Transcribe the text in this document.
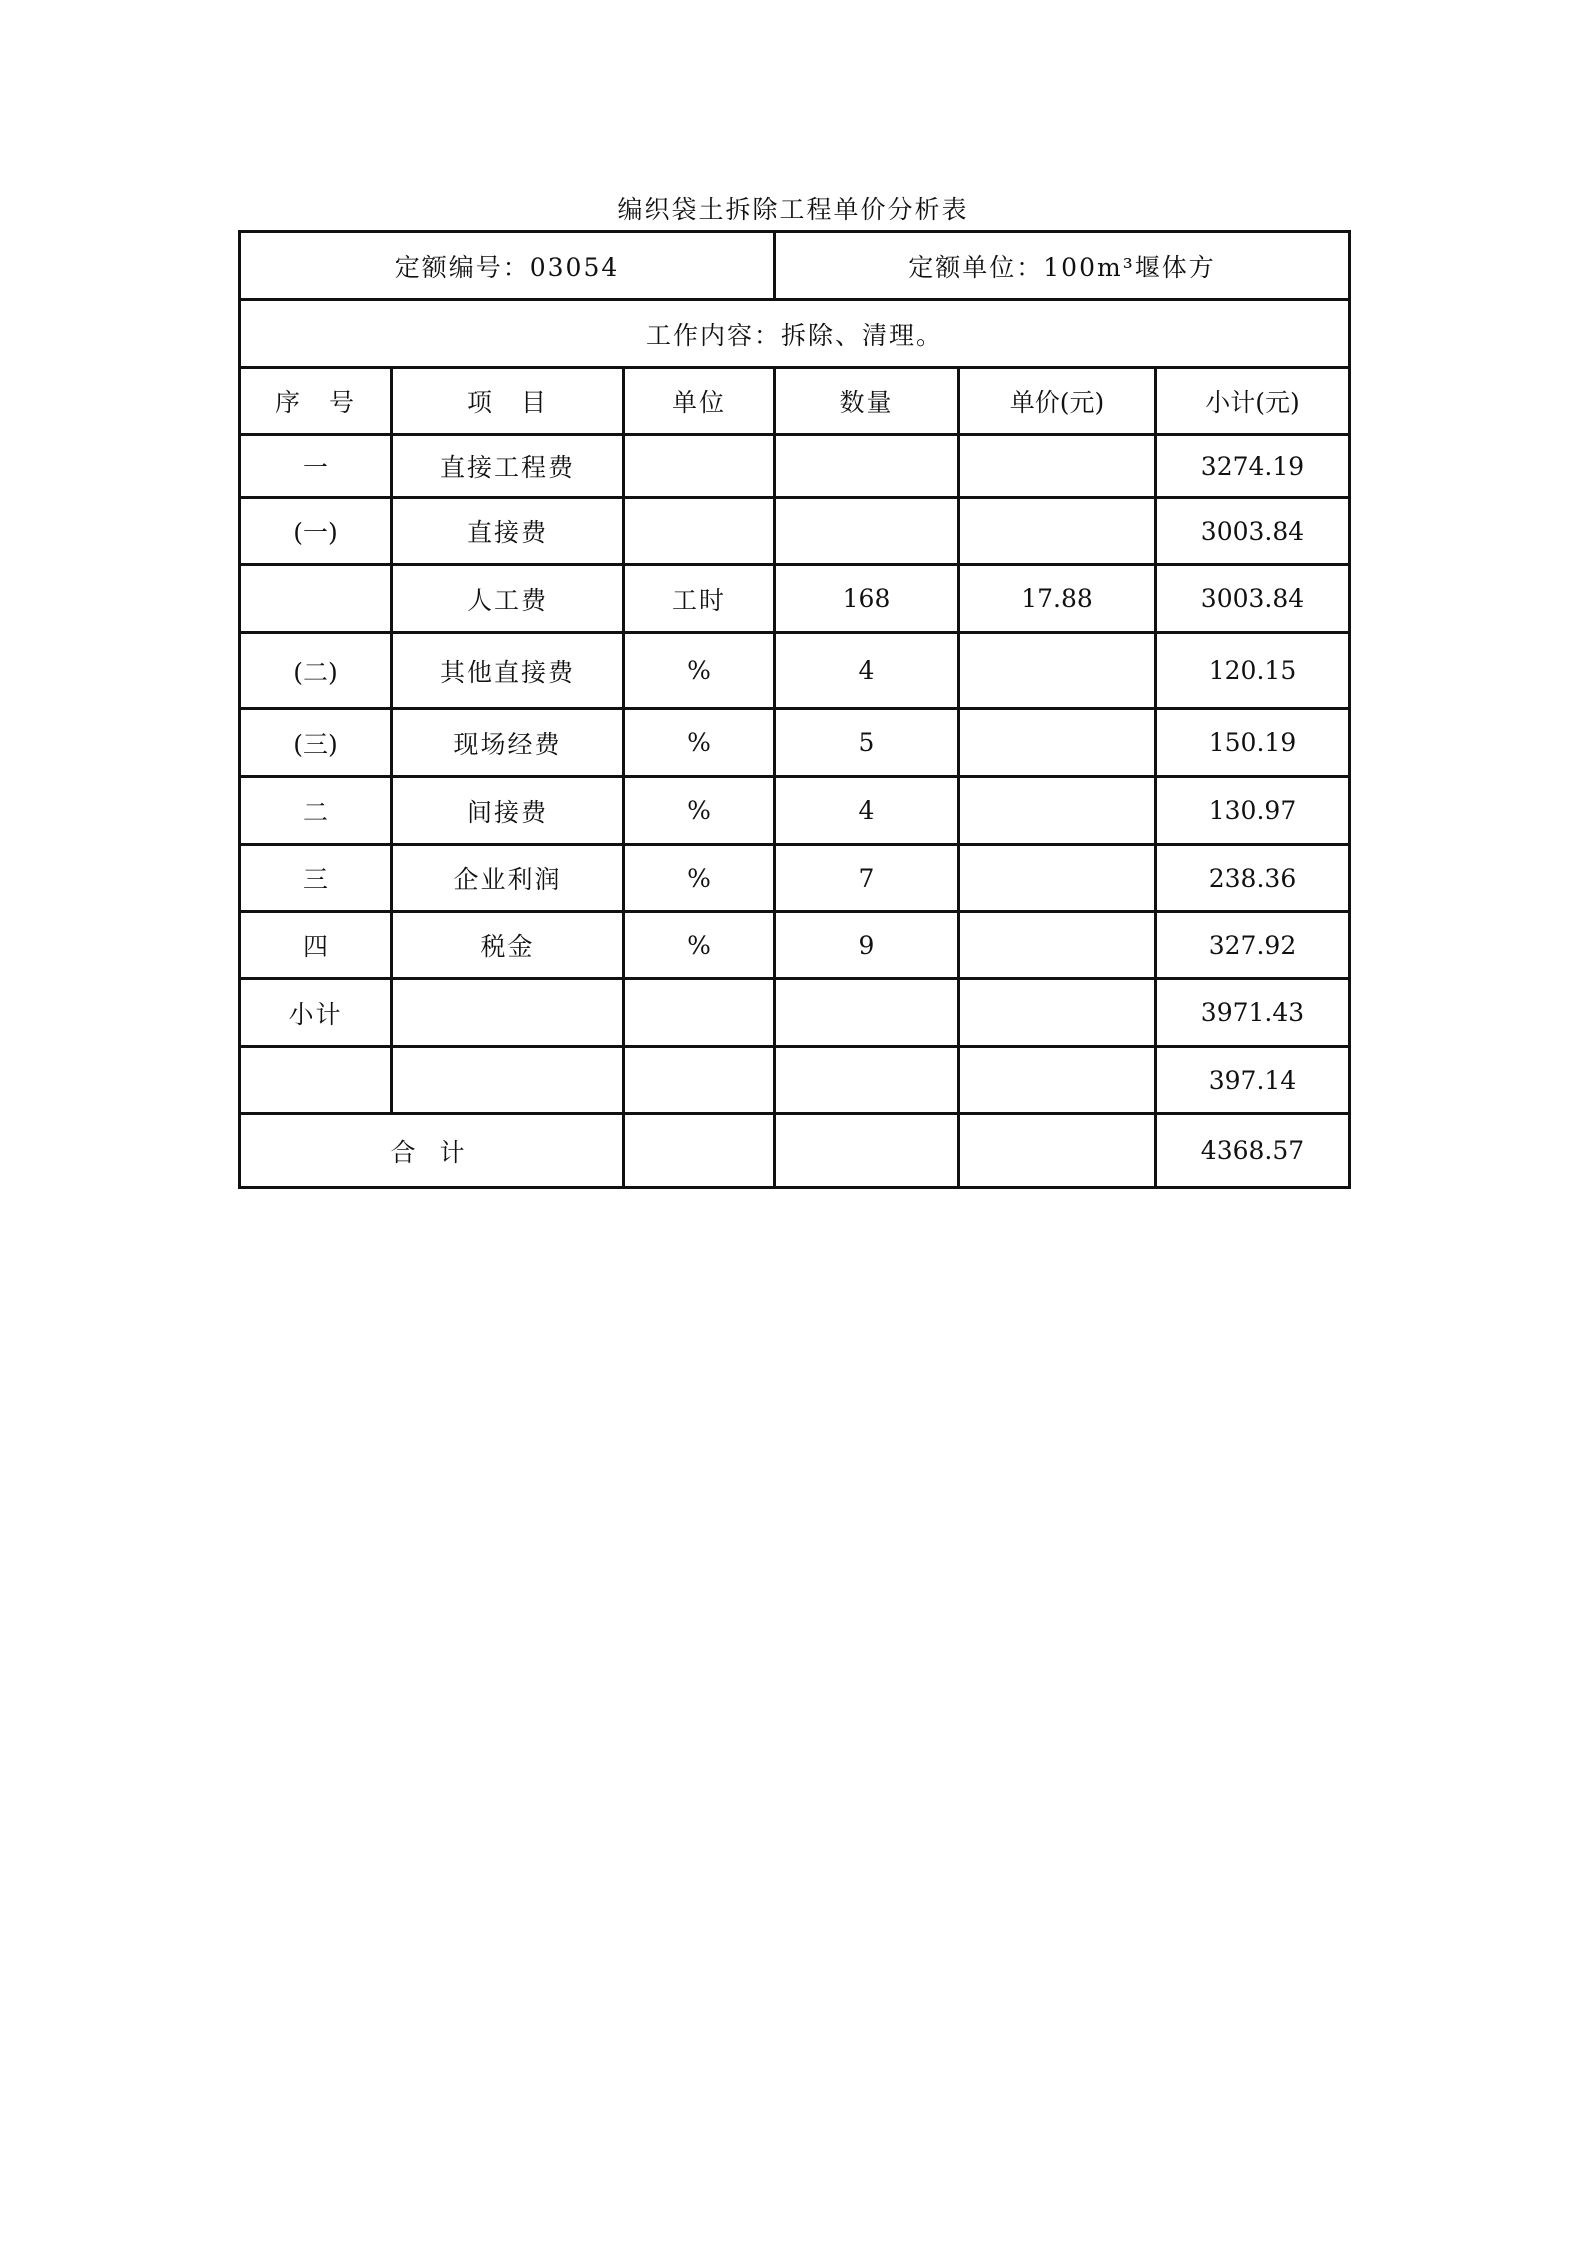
编织袋土拆除工程单价分析表
定额编号：03054			定额单位：100m³堰体方		
工作内容：拆除、清理。					
序　号	项　目	单位	数量	单价(元)	小计(元)
一	直接工程费				3274.19
(一)	直接费				3003.84
	人工费	工时	168	17.88	3003.84
(二)	其他直接费	%	4		120.15
(三)	现场经费	%	5		150.19
二	间接费	%	4		130.97
三	企业利润	%	7		238.36
四	税金	%	9		327.92
小计					3971.43
					397.14
合 计					4368.57
